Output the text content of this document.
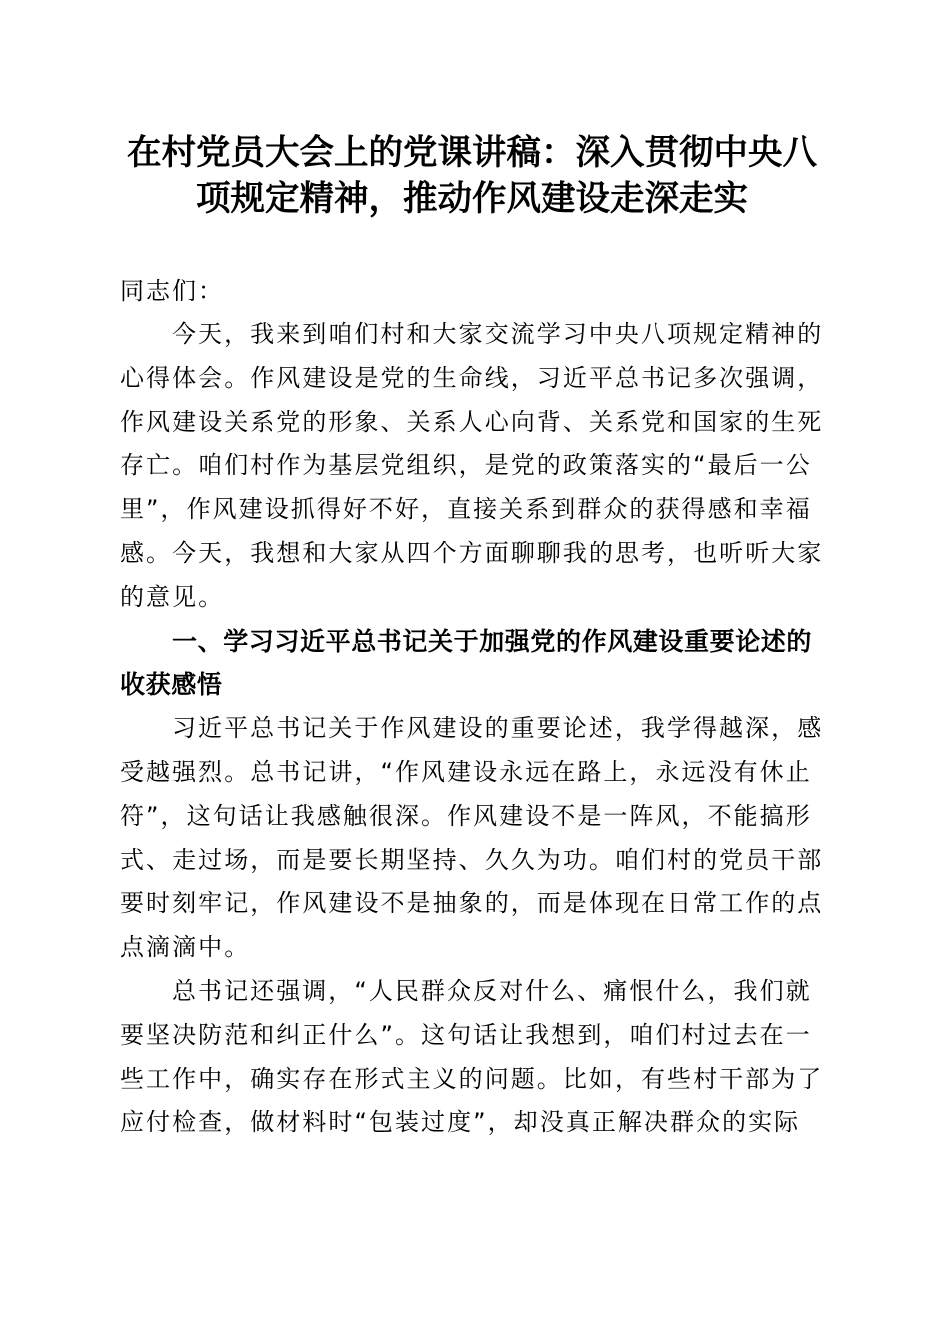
在村党员大会上的党课讲稿：深入贯彻中央八
项规定精神，推动作风建设走深走实
同志们：
今天，我来到咱们村和大家交流学习中央八项规定精神的
心得体会。作风建设是党的生命线，习近平总书记多次强调，
作风建设关系党的形象、关系人心向背、关系党和国家的生死
存亡。咱们村作为基层党组织，是党的政策落实的“最后一公
里”，作风建设抓得好不好，直接关系到群众的获得感和幸福
感。今天，我想和大家从四个方面聊聊我的思考，也听听大家
的意见。
一、学习习近平总书记关于加强党的作风建设重要论述的
收获感悟
习近平总书记关于作风建设的重要论述，我学得越深，感
受越强烈。总书记讲，“作风建设永远在路上，永远没有休止
符”，这句话让我感触很深。作风建设不是一阵风，不能搞形
式、走过场，而是要长期坚持、久久为功。咱们村的党员干部
要时刻牢记，作风建设不是抽象的，而是体现在日常工作的点
点滴滴中。
总书记还强调，“人民群众反对什么、痛恨什么，我们就
要坚决防范和纠正什么”。这句话让我想到，咱们村过去在一
些工作中，确实存在形式主义的问题。比如，有些村干部为了
应付检查，做材料时“包装过度”，却没真正解决群众的实际
